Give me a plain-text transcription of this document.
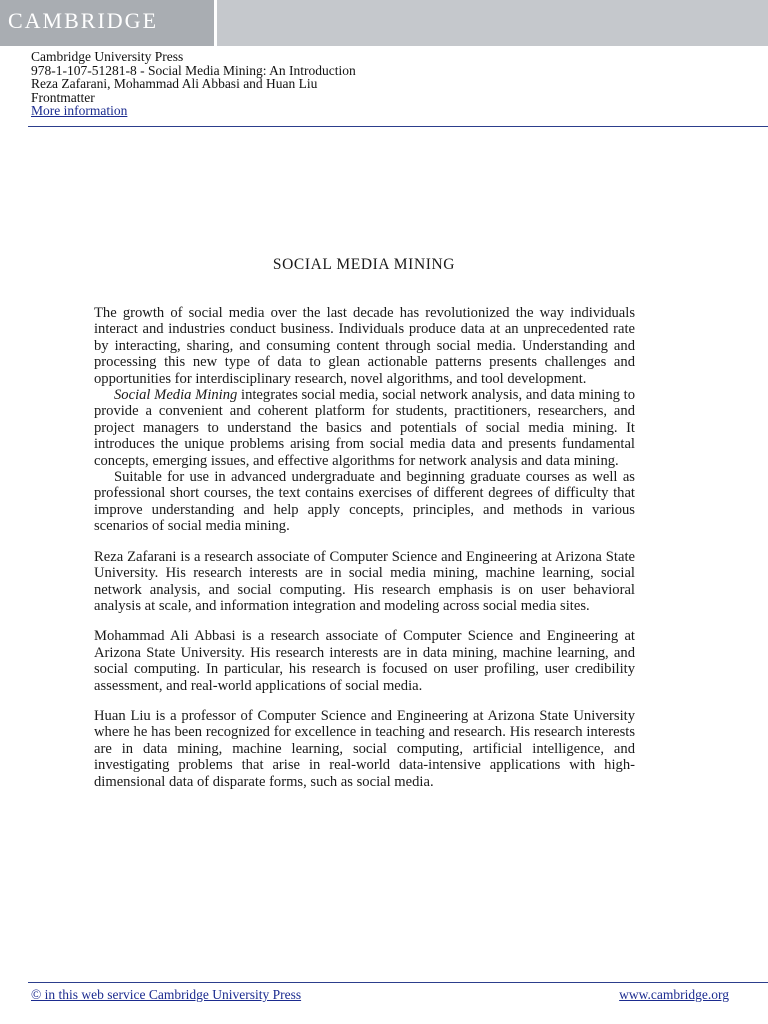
CAMBRIDGE
Cambridge University Press
978-1-107-51281-8 - Social Media Mining: An Introduction
Reza Zafarani, Mohammad Ali Abbasi and Huan Liu
Frontmatter
More information
SOCIAL MEDIA MINING

The growth of social media over the last decade has revolutionized the way individuals interact and industries conduct business. Individuals produce data at an unprecedented rate by interacting, sharing, and consuming content through social media. Understanding and processing this new type of data to glean actionable patterns presents challenges and opportunities for interdisciplinary research, novel algorithms, and tool development.

Social Media Mining integrates social media, social network analysis, and data mining to provide a convenient and coherent platform for students, practitioners, researchers, and project managers to understand the basics and potentials of social media mining. It introduces the unique problems arising from social media data and presents fundamental concepts, emerging issues, and effective algorithms for network analysis and data mining.

Suitable for use in advanced undergraduate and beginning graduate courses as well as professional short courses, the text contains exercises of different degrees of difficulty that improve understanding and help apply concepts, principles, and methods in various scenarios of social media mining.

Reza Zafarani is a research associate of Computer Science and Engineering at Arizona State University. His research interests are in social media mining, machine learning, social network analysis, and social computing. His research emphasis is on user behavioral analysis at scale, and information integration and modeling across social media sites.

Mohammad Ali Abbasi is a research associate of Computer Science and Engineering at Arizona State University. His research interests are in data mining, machine learning, and social computing. In particular, his research is focused on user profiling, user credibility assessment, and real-world applications of social media.

Huan Liu is a professor of Computer Science and Engineering at Arizona State University where he has been recognized for excellence in teaching and research. His research interests are in data mining, machine learning, social computing, artificial intelligence, and investigating problems that arise in real-world data-intensive applications with high-dimensional data of disparate forms, such as social media.

© in this web service Cambridge University Press	www.cambridge.org
